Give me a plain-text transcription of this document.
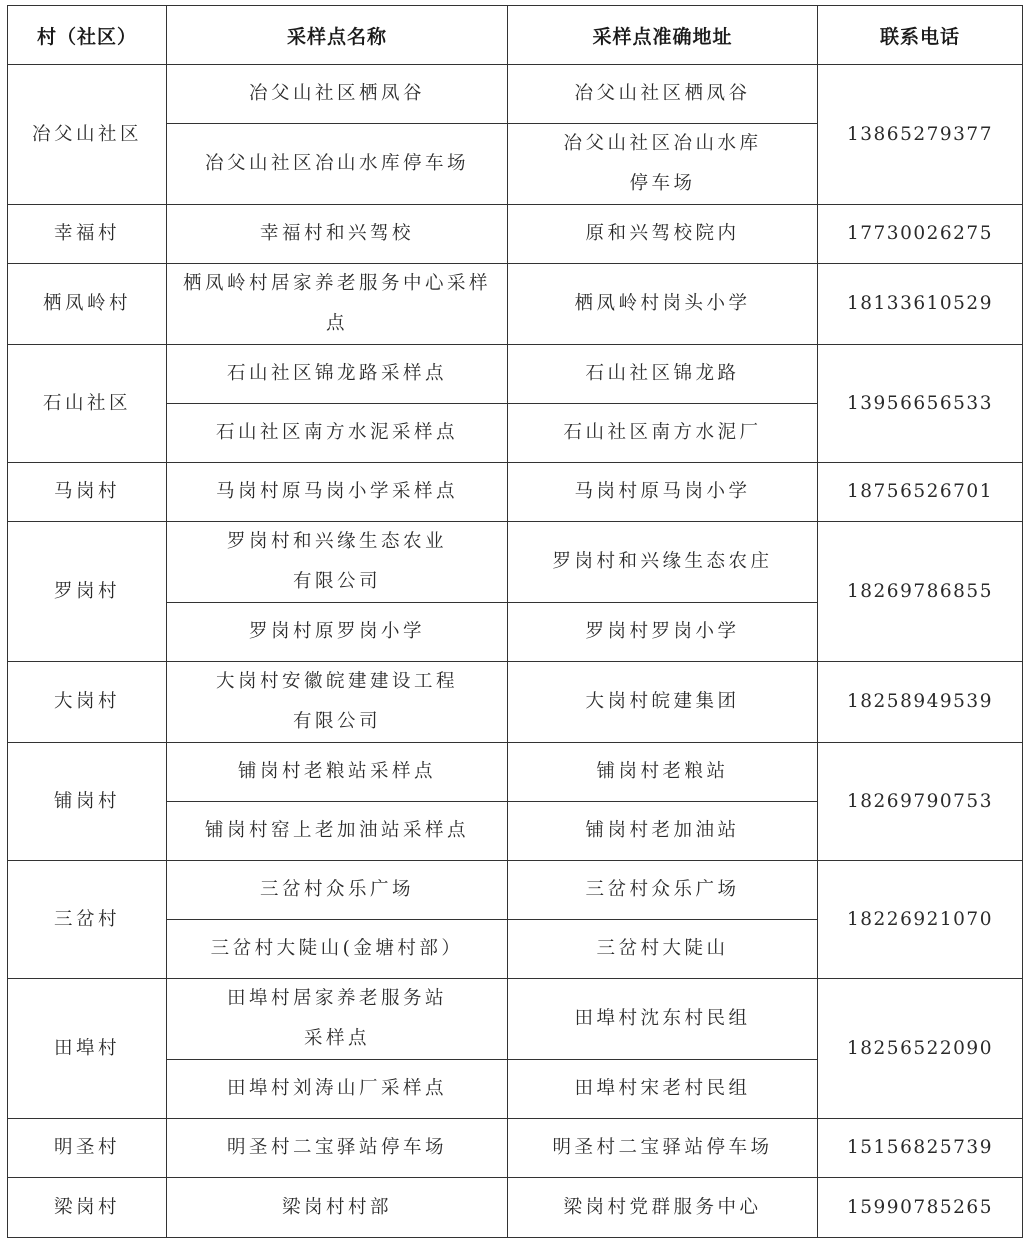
村（社区）	采样点名称	采样点准确地址	联系电话
冶父山社区	冶父山社区栖凤谷	冶父山社区栖凤谷	13865279377
	冶父山社区冶山水库停车场	冶父山社区冶山水库停车场	
幸福村	幸福村和兴驾校	原和兴驾校院内	17730026275
栖凤岭村	栖凤岭村居家养老服务中心采样点	栖凤岭村岗头小学	18133610529
石山社区	石山社区锦龙路采样点	石山社区锦龙路	13956656533
	石山社区南方水泥采样点	石山社区南方水泥厂	
马岗村	马岗村原马岗小学采样点	马岗村原马岗小学	18756526701
罗岗村	罗岗村和兴缘生态农业有限公司	罗岗村和兴缘生态农庄	18269786855
	罗岗村原罗岗小学	罗岗村罗岗小学	
大岗村	大岗村安徽皖建建设工程有限公司	大岗村皖建集团	18258949539
铺岗村	铺岗村老粮站采样点	铺岗村老粮站	18269790753
	铺岗村窑上老加油站采样点	铺岗村老加油站	
三岔村	三岔村众乐广场	三岔村众乐广场	18226921070
	三岔村大陡山(金塘村部）	三岔村大陡山	
田埠村	田埠村居家养老服务站采样点	田埠村沈东村民组	18256522090
	田埠村刘涛山厂采样点	田埠村宋老村民组	
明圣村	明圣村二宝驿站停车场	明圣村二宝驿站停车场	15156825739
梁岗村	梁岗村村部	梁岗村党群服务中心	15990785265
